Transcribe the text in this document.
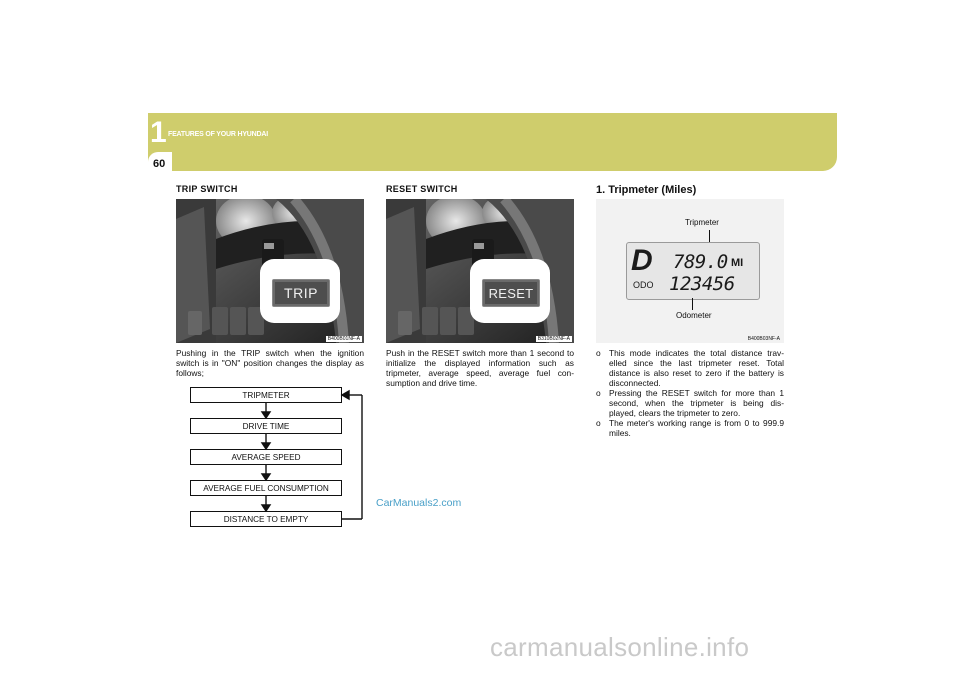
1 FEATURES OF YOUR HYUNDAI
60
TRIP SWITCH
TRIP
B400B01NF-A
Pushing in the TRIP switch when the ignition switch is in "ON" position changes the display as follows;
TRIPMETER
DRIVE TIME
AVERAGE SPEED
AVERAGE FUEL CONSUMPTION
DISTANCE TO EMPTY
RESET SWITCH
RESET
B310B02NF-A
Push in the RESET switch more than 1 second to initialize the displayed information such as tripmeter, average speed, average fuel con- sumption and drive time.
1. Tripmeter (Miles)
Tripmeter
D 789.0 MI
ODO 123456
Odometer
B400B03NF-A
o This mode indicates the total distance trav- elled since the last tripmeter reset. Total distance is also reset to zero if the battery is disconnected.
o Pressing the RESET switch for more than 1 second, when the tripmeter is being dis- played, clears the tripmeter to zero.
o The meter's working range is from 0 to 999.9 miles.
CarManuals2.com
carmanualsonline.info
